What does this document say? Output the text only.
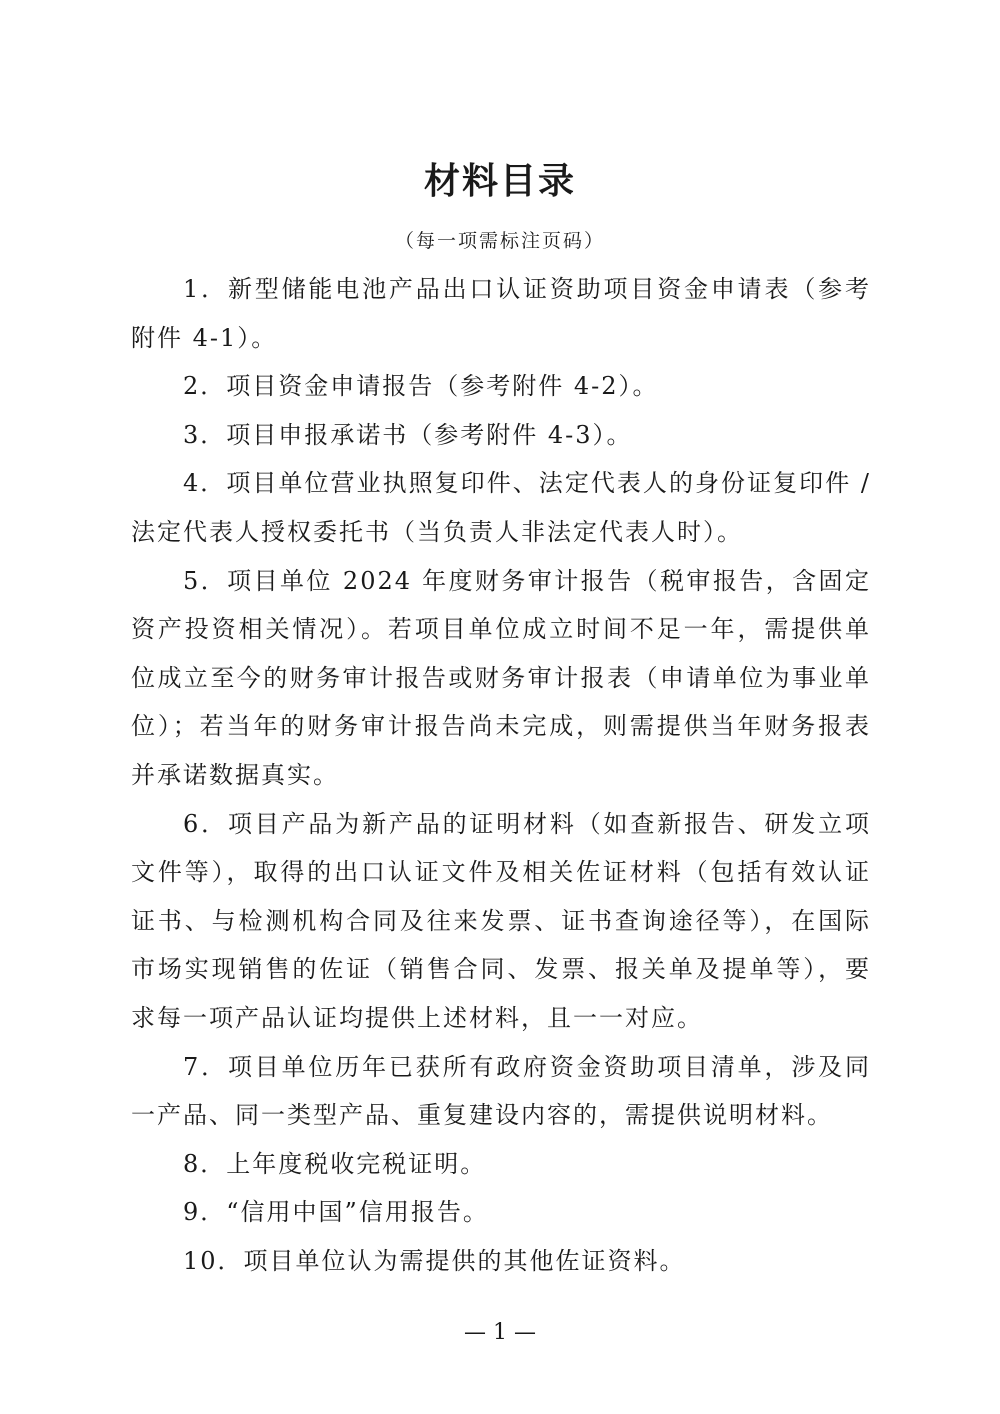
材料目录
（每一项需标注页码）

1．新型储能电池产品出口认证资助项目资金申请表（参考附件 4-1）。

2．项目资金申请报告（参考附件 4-2）。

3．项目申报承诺书（参考附件 4-3）。

4．项目单位营业执照复印件、法定代表人的身份证复印件 / 法定代表人授权委托书（当负责人非法定代表人时）。

5．项目单位 2024 年度财务审计报告（税审报告，含固定资产投资相关情况）。若项目单位成立时间不足一年，需提供单位成立至今的财务审计报告或财务审计报表（申请单位为事业单位）；若当年的财务审计报告尚未完成，则需提供当年财务报表并承诺数据真实。

6．项目产品为新产品的证明材料（如查新报告、研发立项文件等），取得的出口认证文件及相关佐证材料（包括有效认证证书、与检测机构合同及往来发票、证书查询途径等），在国际市场实现销售的佐证（销售合同、发票、报关单及提单等），要求每一项产品认证均提供上述材料，且一一对应。

7．项目单位历年已获所有政府资金资助项目清单，涉及同一产品、同一类型产品、重复建设内容的，需提供说明材料。

8．上年度税收完税证明。

9．“信用中国”信用报告。

10．项目单位认为需提供的其他佐证资料。

— 1 —
